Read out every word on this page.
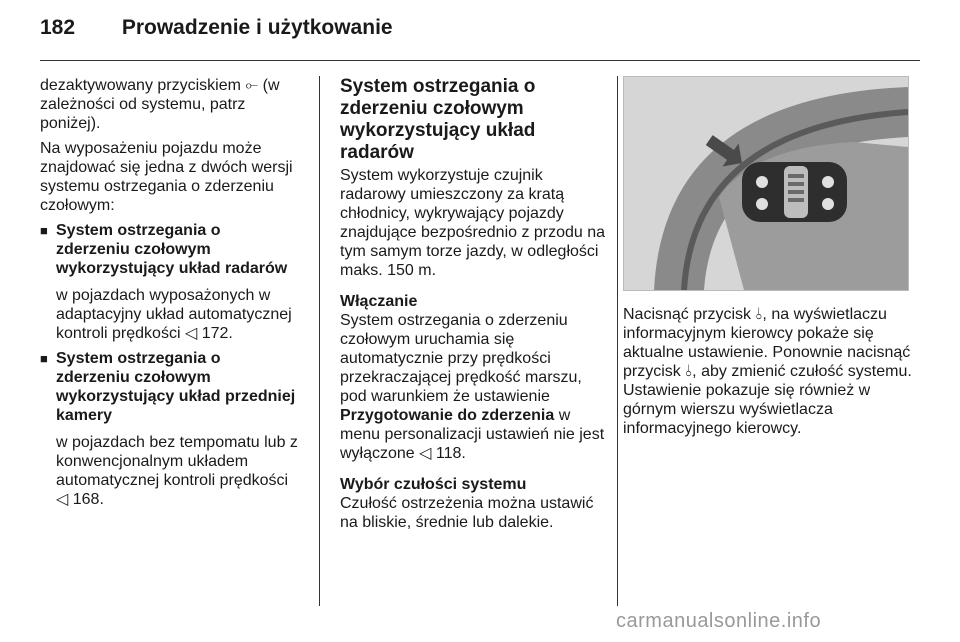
182 Prowadzenie i użytkowanie

dezaktywowany przyciskiem ⟜ (w zależności od systemu, patrz poniżej).

Na wyposażeniu pojazdu może znajdować się jedna z dwóch wersji systemu ostrzegania o zderzeniu czołowym:

■ System ostrzegania o zderzeniu czołowym wykorzystujący układ radarów

w pojazdach wyposażonych w adaptacyjny układ automatycznej kontroli prędkości ◁ 172.

■ System ostrzegania o zderzeniu czołowym wykorzystujący układ przedniej kamery

w pojazdach bez tempomatu lub z konwencjonalnym układem automatycznej kontroli prędkości ◁ 168.

System ostrzegania o zderzeniu czołowym wykorzystujący układ radarów

System wykorzystuje czujnik radarowy umieszczony za kratą chłodnicy, wykrywający pojazdy znajdujące bezpośrednio z przodu na tym samym torze jazdy, w odległości maks. 150 m.

Włączanie

System ostrzegania o zderzeniu czołowym uruchamia się automatycznie przy prędkości przekraczającej prędkość marszu, pod warunkiem że ustawienie Przygotowanie do zderzenia w menu personalizacji ustawień nie jest wyłączone ◁ 118.

Wybór czułości systemu

Czułość ostrzeżenia można ustawić na bliskie, średnie lub dalekie.

Nacisnąć przycisk ⫰, na wyświetlaczu informacyjnym kierowcy pokaże się aktualne ustawienie. Ponownie nacisnąć przycisk ⫰, aby zmienić czułość systemu. Ustawienie pokazuje się również w górnym wierszu wyświetlacza informacyjnego kierowcy.

carmanualsonline.info
